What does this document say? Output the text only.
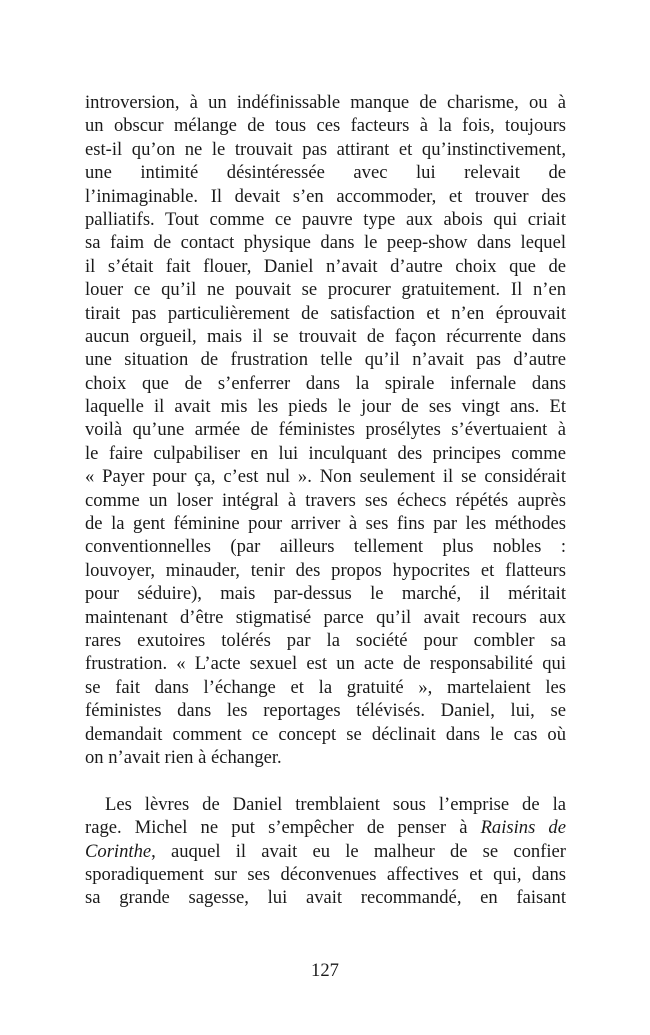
introversion, à un indéfinissable manque de charisme, ou à
un obscur mélange de tous ces facteurs à la fois, toujours
est-il qu’on ne le trouvait pas attirant et qu’instinctivement,
une intimité désintéressée avec lui relevait de
l’inimaginable. Il devait s’en accommoder, et trouver des
palliatifs. Tout comme ce pauvre type aux abois qui criait
sa faim de contact physique dans le peep-show dans lequel
il s’était fait flouer, Daniel n’avait d’autre choix que de
louer ce qu’il ne pouvait se procurer gratuitement. Il n’en
tirait pas particulièrement de satisfaction et n’en éprouvait
aucun orgueil, mais il se trouvait de façon récurrente dans
une situation de frustration telle qu’il n’avait pas d’autre
choix que de s’enferrer dans la spirale infernale dans
laquelle il avait mis les pieds le jour de ses vingt ans. Et
voilà qu’une armée de féministes prosélytes s’évertuaient à
le faire culpabiliser en lui inculquant des principes comme
« Payer pour ça, c’est nul ». Non seulement il se considérait
comme un loser intégral à travers ses échecs répétés auprès
de la gent féminine pour arriver à ses fins par les méthodes
conventionnelles (par ailleurs tellement plus nobles :
louvoyer, minauder, tenir des propos hypocrites et flatteurs
pour séduire), mais par-dessus le marché, il méritait
maintenant d’être stigmatisé parce qu’il avait recours aux
rares exutoires tolérés par la société pour combler sa
frustration. « L’acte sexuel est un acte de responsabilité qui
se fait dans l’échange et la gratuité », martelaient les
féministes dans les reportages télévisés. Daniel, lui, se
demandait comment ce concept se déclinait dans le cas où
on n’avait rien à échanger.
Les lèvres de Daniel tremblaient sous l’emprise de la
rage. Michel ne put s’empêcher de penser à Raisins de
Corinthe, auquel il avait eu le malheur de se confier
sporadiquement sur ses déconvenues affectives et qui, dans
sa grande sagesse, lui avait recommandé, en faisant
127
